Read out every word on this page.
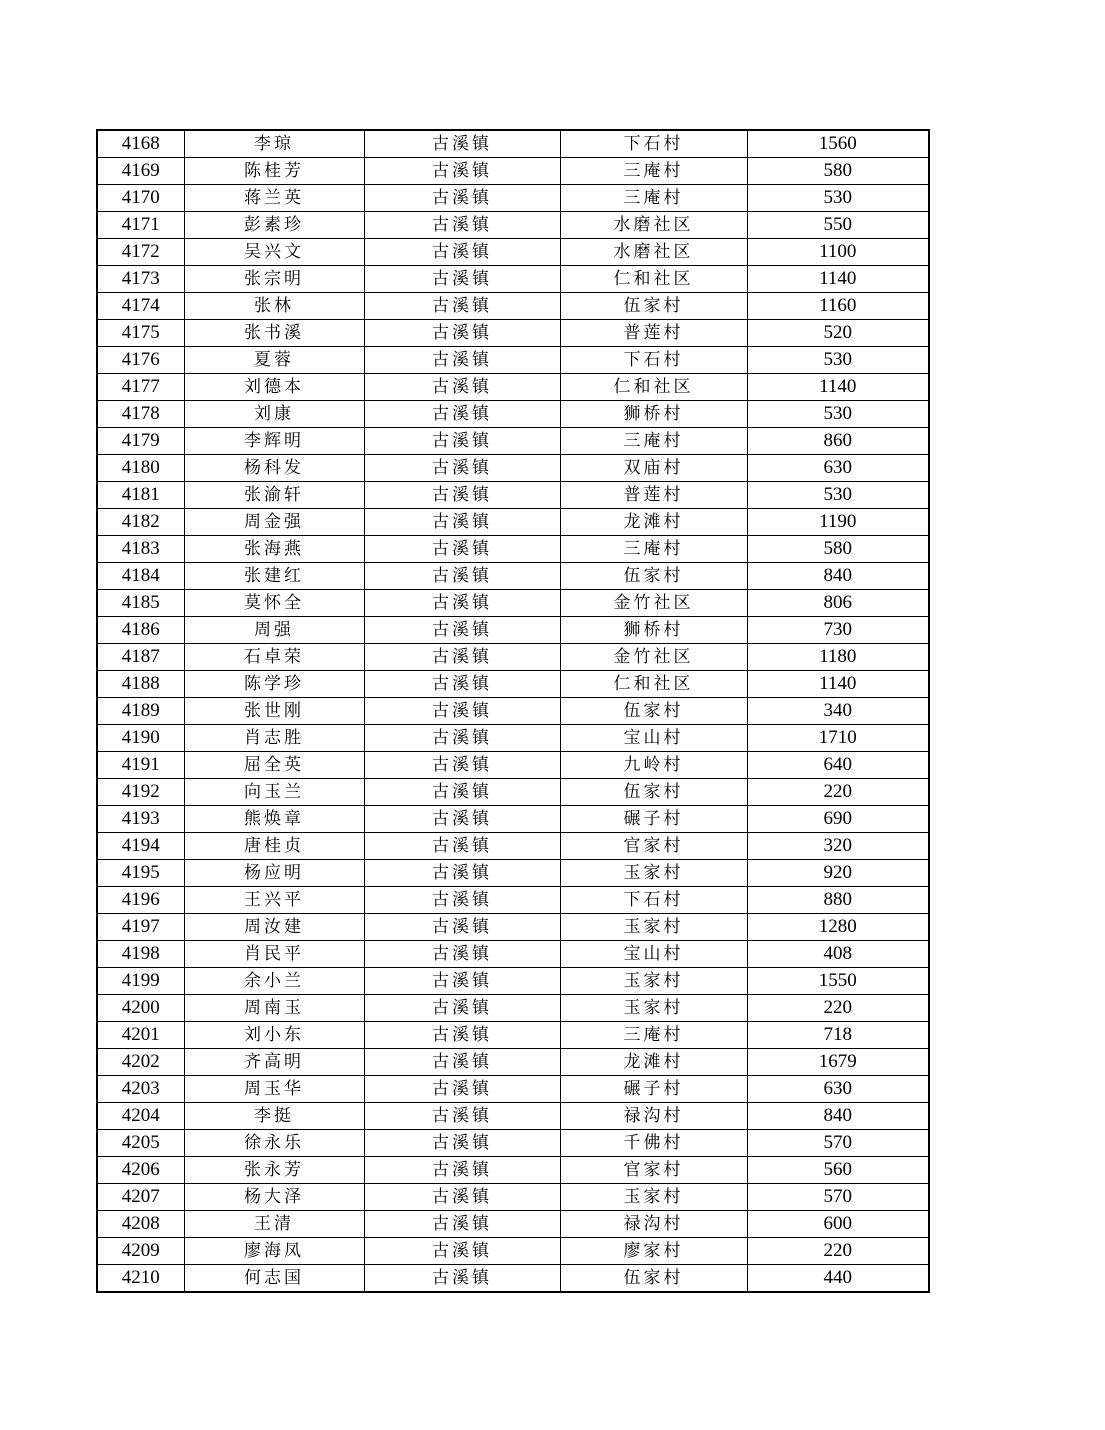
4168	李琼	古溪镇	下石村	1560
4169	陈桂芳	古溪镇	三庵村	580
4170	蒋兰英	古溪镇	三庵村	530
4171	彭素珍	古溪镇	水磨社区	550
4172	吴兴文	古溪镇	水磨社区	1100
4173	张宗明	古溪镇	仁和社区	1140
4174	张林	古溪镇	伍家村	1160
4175	张书溪	古溪镇	普莲村	520
4176	夏蓉	古溪镇	下石村	530
4177	刘德本	古溪镇	仁和社区	1140
4178	刘康	古溪镇	狮桥村	530
4179	李辉明	古溪镇	三庵村	860
4180	杨科发	古溪镇	双庙村	630
4181	张渝轩	古溪镇	普莲村	530
4182	周金强	古溪镇	龙滩村	1190
4183	张海燕	古溪镇	三庵村	580
4184	张建红	古溪镇	伍家村	840
4185	莫怀全	古溪镇	金竹社区	806
4186	周强	古溪镇	狮桥村	730
4187	石卓荣	古溪镇	金竹社区	1180
4188	陈学珍	古溪镇	仁和社区	1140
4189	张世刚	古溪镇	伍家村	340
4190	肖志胜	古溪镇	宝山村	1710
4191	屈全英	古溪镇	九岭村	640
4192	向玉兰	古溪镇	伍家村	220
4193	熊焕章	古溪镇	碾子村	690
4194	唐桂贞	古溪镇	官家村	320
4195	杨应明	古溪镇	玉家村	920
4196	王兴平	古溪镇	下石村	880
4197	周汝建	古溪镇	玉家村	1280
4198	肖民平	古溪镇	宝山村	408
4199	余小兰	古溪镇	玉家村	1550
4200	周南玉	古溪镇	玉家村	220
4201	刘小东	古溪镇	三庵村	718
4202	齐高明	古溪镇	龙滩村	1679
4203	周玉华	古溪镇	碾子村	630
4204	李挺	古溪镇	禄沟村	840
4205	徐永乐	古溪镇	千佛村	570
4206	张永芳	古溪镇	官家村	560
4207	杨大泽	古溪镇	玉家村	570
4208	王清	古溪镇	禄沟村	600
4209	廖海凤	古溪镇	廖家村	220
4210	何志国	古溪镇	伍家村	440
